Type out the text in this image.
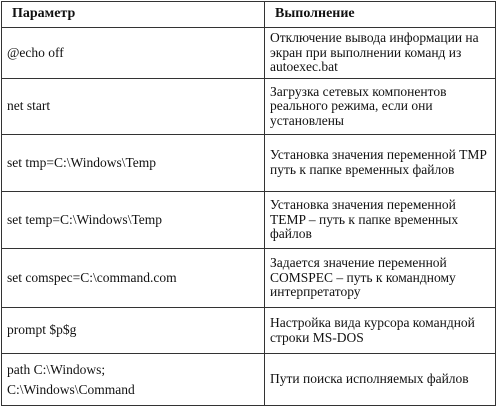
Параметр	Выполнение

@echo off	Отключение вывода информации на экран при выполнении команд из autoexec.bat

net start	Загрузка сетевых компонентов реального режима, если они установлены

set tmp=C:\Windows\Temp	Установка значения переменной TMP путь к папке временных файлов

set temp=C:\Windows\Temp	Установка значения переменной TEMP – путь к папке временных файлов

set comspec=C:\command.com	Задается значение переменной COMSPEC – путь к командному интерпретатору

prompt $p$g	Настройка вида курсора командной строки MS-DOS

path C:\Windows;
C:\Windows\Command	Пути поиска исполняемых файлов
